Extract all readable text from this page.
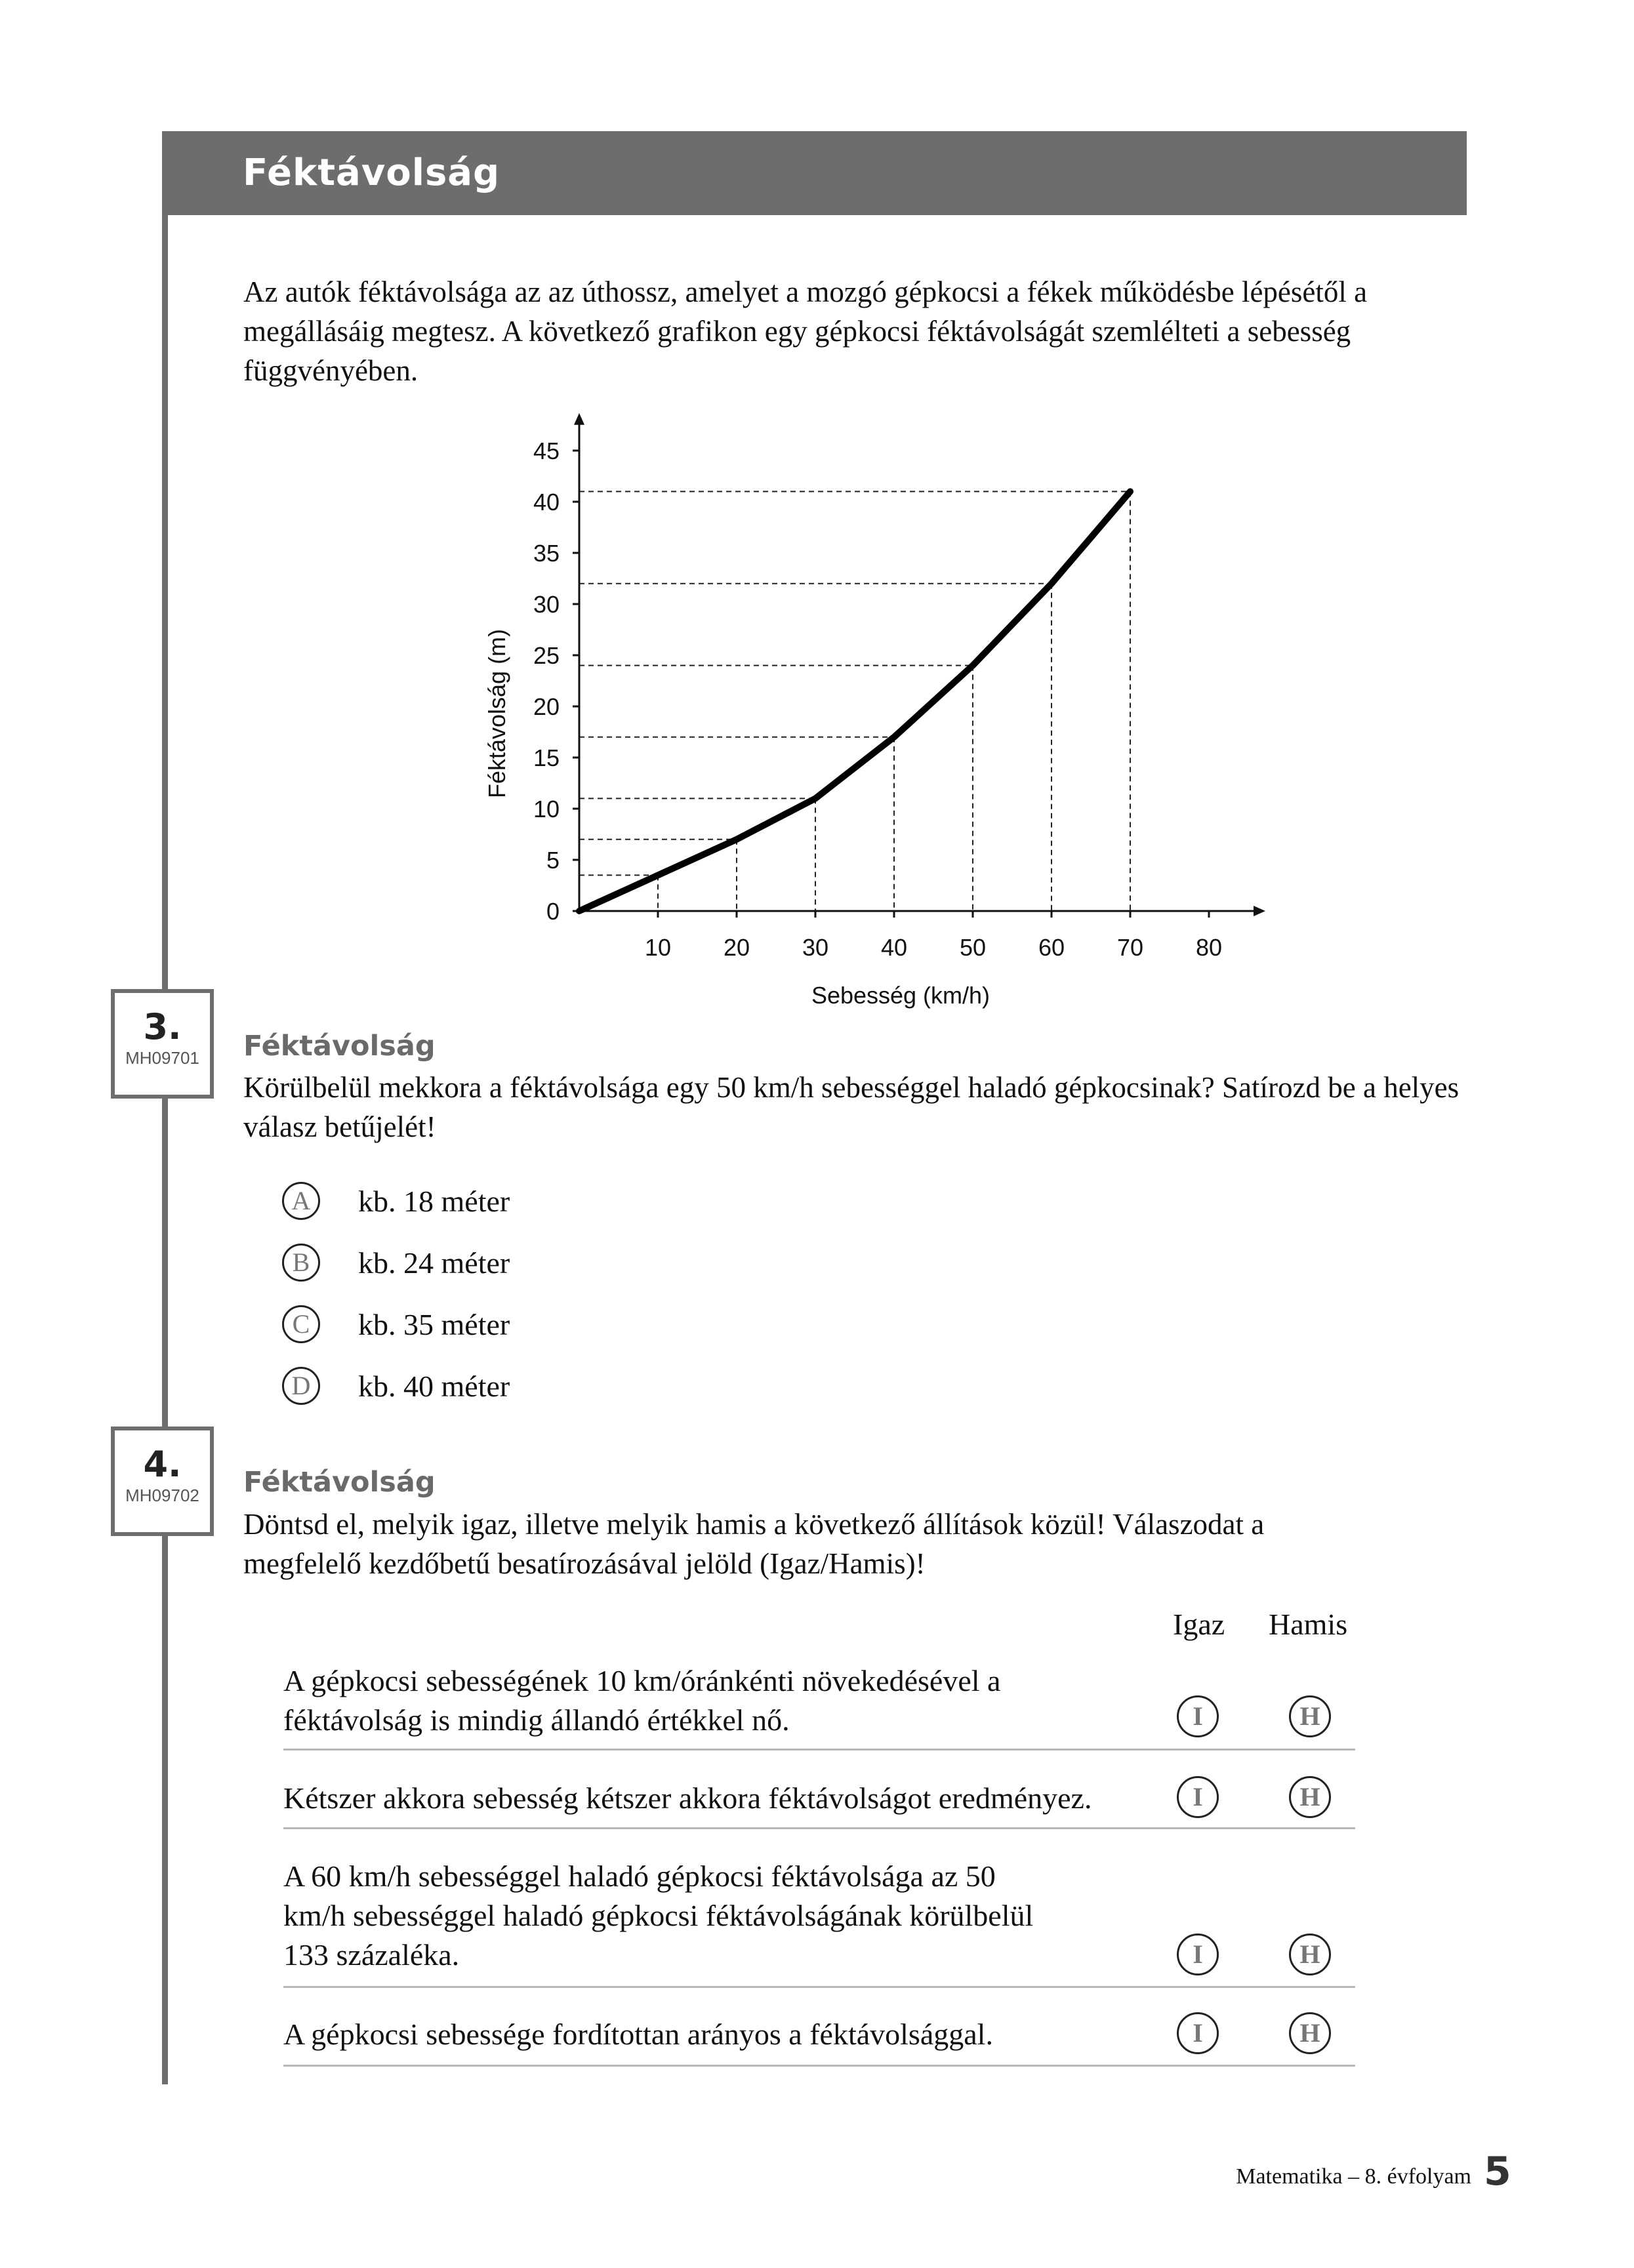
Féktávolság
Az autók féktávolsága az az úthossz, amelyet a mozgó gépkocsi a fékek működésbe lépésétől a megállásáig megtesz. A következő grafikon egy gépkocsi féktávolságát szemlélteti a sebesség függvényében.
0
5
10
15
20
25
30
35
40
45
10 20 30 40 50 60 70 80
Sebesség (km/h)
Féktávolság (m)
3.
MH09701	Féktávolság
Körülbelül mekkora a féktávolsága egy 50 km/h sebességgel haladó gépkocsinak? Satírozd be a helyes válasz betűjelét!
A	kb. 18 méter
B	kb. 24 méter
C	kb. 35 méter
D	kb. 40 méter
4.
MH09702	Féktávolság
Döntsd el, melyik igaz, illetve melyik hamis a következő állítások közül! Válaszodat a megfelelő kezdőbetű besatírozásával jelöld (Igaz/Hamis)!
Igaz Hamis
A gépkocsi sebességének 10 km/óránkénti növekedésével a féktávolság is mindig állandó értékkel nő.	I	H
Kétszer akkora sebesség kétszer akkora féktávolságot eredményez.	I	H
A 60 km/h sebességgel haladó gépkocsi féktávolsága az 50 km/h sebességgel haladó gépkocsi féktávolságának körülbelül 133 százaléka.	I	H
A gépkocsi sebessége fordítottan arányos a féktávolsággal.	I	H
Matematika – 8. évfolyam 5
